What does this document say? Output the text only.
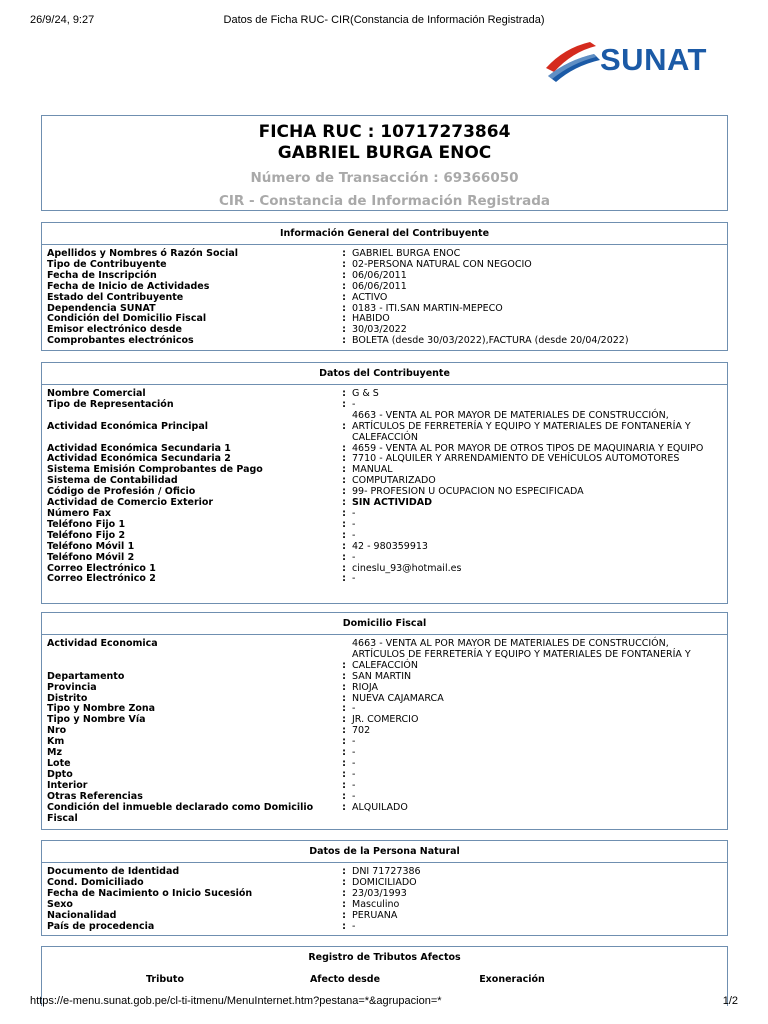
26/9/24, 9:27	Datos de Ficha RUC- CIR(Constancia de Información Registrada)
SUNAT
FICHA RUC : 10717273864
GABRIEL BURGA ENOC
Número de Transacción : 69366050
CIR - Constancia de Información Registrada
Información General del Contribuyente
Apellidos y Nombres ó Razón Social	: GABRIEL BURGA ENOC
Tipo de Contribuyente	: 02-PERSONA NATURAL CON NEGOCIO
Fecha de Inscripción	: 06/06/2011
Fecha de Inicio de Actividades	: 06/06/2011
Estado del Contribuyente	: ACTIVO
Dependencia SUNAT	: 0183 - ITI.SAN MARTIN-MEPECO
Condición del Domicilio Fiscal	: HABIDO
Emisor electrónico desde	: 30/03/2022
Comprobantes electrónicos	: BOLETA (desde 30/03/2022),FACTURA (desde 20/04/2022)
Datos del Contribuyente
Nombre Comercial	: G & S
Tipo de Representación	: -
Actividad Económica Principal	:
4663 - VENTA AL POR MAYOR DE MATERIALES DE CONSTRUCCIÓN, ARTÍCULOS DE FERRETERÍA Y EQUIPO Y MATERIALES DE FONTANERÍA Y CALEFACCIÓN
Actividad Económica Secundaria 1	: 4659 - VENTA AL POR MAYOR DE OTROS TIPOS DE MAQUINARIA Y EQUIPO
Actividad Económica Secundaria 2	: 7710 - ALQUILER Y ARRENDAMIENTO DE VEHÍCULOS AUTOMOTORES
Sistema Emisión Comprobantes de Pago	: MANUAL
Sistema de Contabilidad	: COMPUTARIZADO
Código de Profesión / Oficio	: 99- PROFESION U OCUPACION NO ESPECIFICADA
Actividad de Comercio Exterior	: SIN ACTIVIDAD
Número Fax	: -
Teléfono Fijo 1	: -
Teléfono Fijo 2	: -
Teléfono Móvil 1	: 42 - 980359913
Teléfono Móvil 2	: -
Correo Electrónico 1	: cineslu_93@hotmail.es
Correo Electrónico 2	: -
Domicilio Fiscal
Actividad Economica
:
4663 - VENTA AL POR MAYOR DE MATERIALES DE CONSTRUCCIÓN, ARTÍCULOS DE FERRETERÍA Y EQUIPO Y MATERIALES DE FONTANERÍA Y CALEFACCIÓN
Departamento	: SAN MARTIN
Provincia	: RIOJA
Distrito	: NUEVA CAJAMARCA
Tipo y Nombre Zona	: -
Tipo y Nombre Vía	: JR. COMERCIO
Nro	: 702
Km	: -
Mz	: -
Lote	: -
Dpto	: -
Interior	: -
Otras Referencias	: -
Condición del inmueble declarado como Domicilio Fiscal
: ALQUILADO
Datos de la Persona Natural
Documento de Identidad	: DNI 71727386
Cond. Domiciliado	: DOMICILIADO
Fecha de Nacimiento o Inicio Sucesión	: 23/03/1993
Sexo	: Masculino
Nacionalidad	: PERUANA
País de procedencia	: -
Registro de Tributos Afectos
Tributo	Afecto desde	Exoneración
https://e-menu.sunat.gob.pe/cl-ti-itmenu/MenuInternet.htm?pestana=*&agrupacion=*	1/2
